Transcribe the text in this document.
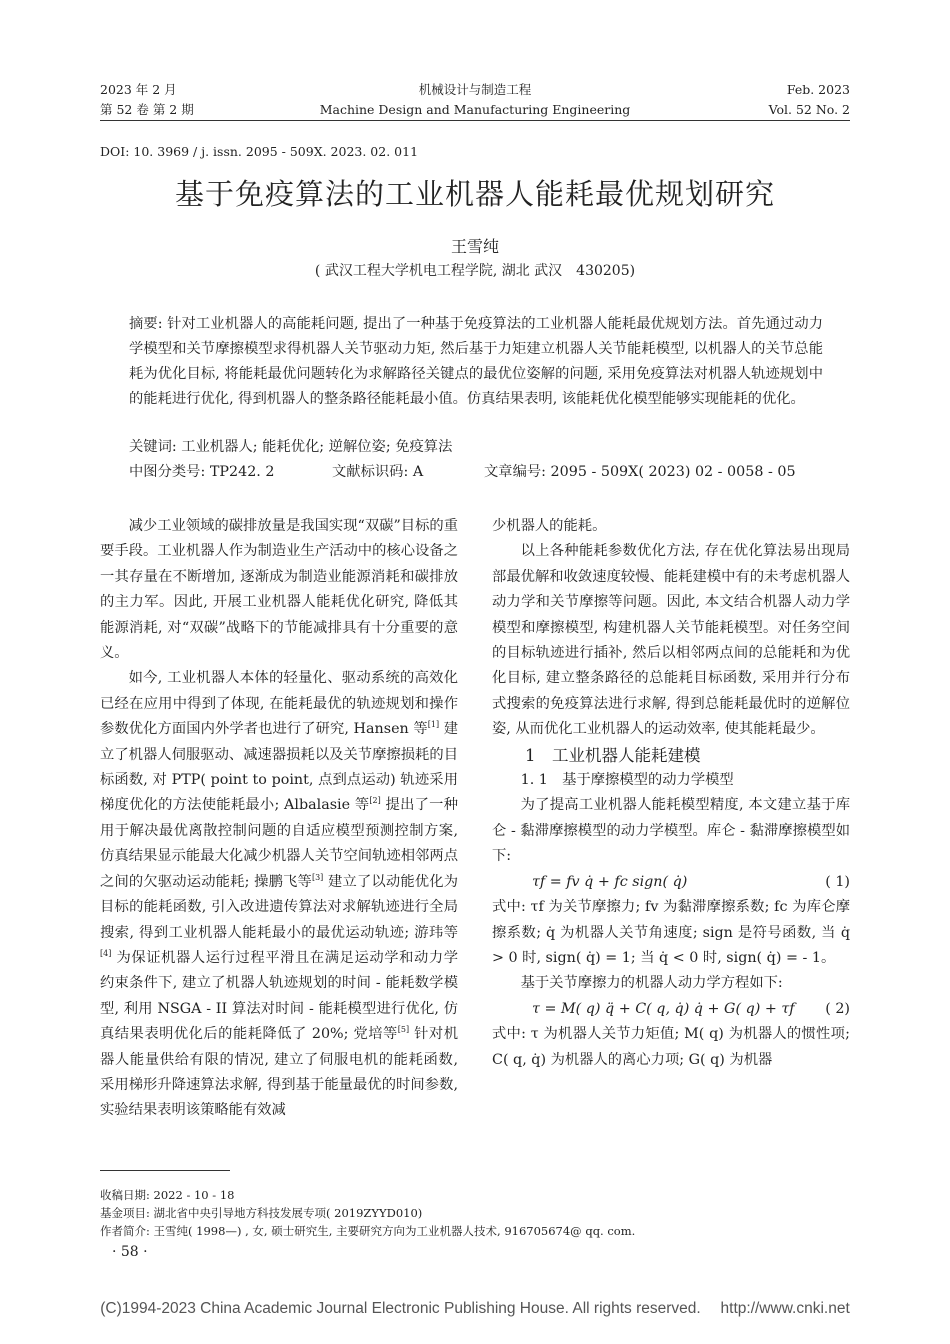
2023 年 2 月
第 52 卷 第 2 期
机械设计与制造工程
Machine Design and Manufacturing Engineering
Feb. 2023
Vol. 52 No. 2
DOI: 10. 3969 / j. issn. 2095 - 509X. 2023. 02. 011
基于免疫算法的工业机器人能耗最优规划研究
王雪纯
( 武汉工程大学机电工程学院, 湖北 武汉　430205)
摘要: 针对工业机器人的高能耗问题, 提出了一种基于免疫算法的工业机器人能耗最优规划方法。首先通过动力学模型和关节摩擦模型求得机器人关节驱动力矩, 然后基于力矩建立机器人关节能耗模型, 以机器人的关节总能耗为优化目标, 将能耗最优问题转化为求解路径关键点的最优位姿解的问题, 采用免疫算法对机器人轨迹规划中的能耗进行优化, 得到机器人的整条路径能耗最小值。仿真结果表明, 该能耗优化模型能够实现能耗的优化。
关键词: 工业机器人; 能耗优化; 逆解位姿; 免疫算法
中图分类号: TP242. 2	文献标识码: A	文章编号: 2095 - 509X( 2023) 02 - 0058 - 05

减少工业领域的碳排放量是我国实现“双碳”目标的重要手段。工业机器人作为制造业生产活动中的核心设备之一其存量在不断增加, 逐渐成为制造业能源消耗和碳排放的主力军。因此, 开展工业机器人能耗优化研究, 降低其能源消耗, 对“双碳”战略下的节能减排具有十分重要的意义。

如今, 工业机器人本体的轻量化、驱动系统的高效化已经在应用中得到了体现, 在能耗最优的轨迹规划和操作参数优化方面国内外学者也进行了研究, Hansen 等[1] 建立了机器人伺服驱动、减速器损耗以及关节摩擦损耗的目标函数, 对 PTP( point to point, 点到点运动) 轨迹采用梯度优化的方法使能耗最小; Albalasie 等[2] 提出了一种用于解决最优离散控制问题的自适应模型预测控制方案, 仿真结果显示能最大化减少机器人关节空间轨迹相邻两点之间的欠驱动运动能耗; 操鹏飞等[3] 建立了以动能优化为目标的能耗函数, 引入改进遗传算法对求解轨迹进行全局搜索, 得到工业机器人能耗最小的最优运动轨迹; 游玮等[4] 为保证机器人运行过程平滑且在满足运动学和动力学约束条件下, 建立了机器人轨迹规划的时间 - 能耗数学模型, 利用 NSGA - II 算法对时间 - 能耗模型进行优化, 仿真结果表明优化后的能耗降低了 20%; 党培等[5] 针对机器人能量供给有限的情况, 建立了伺服电机的能耗函数, 采用梯形升降速算法求解, 得到基于能量最优的时间参数, 实验结果表明该策略能有效减

少机器人的能耗。

以上各种能耗参数优化方法, 存在优化算法易出现局部最优解和收敛速度较慢、能耗建模中有的未考虑机器人动力学和关节摩擦等问题。因此, 本文结合机器人动力学模型和摩擦模型, 构建机器人关节能耗模型。对任务空间的目标轨迹进行插补, 然后以相邻两点间的总能耗和为优化目标, 建立整条路径的总能耗目标函数, 采用并行分布式搜索的免疫算法进行求解, 得到总能耗最优时的逆解位姿, 从而优化工业机器人的运动效率, 使其能耗最少。

1　工业机器人能耗建模

1. 1　基于摩擦模型的动力学模型

为了提高工业机器人能耗模型精度, 本文建立基于库仑 - 黏滞摩擦模型的动力学模型。库仑 - 黏滞摩擦模型如下:

τf = fv q̇ + fc sign( q̇)	( 1)

式中: τf 为关节摩擦力; fv 为黏滞摩擦系数; fc 为库仑摩擦系数; q̇ 为机器人关节角速度; sign 是符号函数, 当 q̇ > 0 时, sign( q̇) = 1; 当 q̇ < 0 时, sign( q̇) = - 1。

基于关节摩擦力的机器人动力学方程如下:

τ = M( q) q̈ + C( q, q̇) q̇ + G( q) + τf ( 2)

式中: τ 为机器人关节力矩值; M( q) 为机器人的惯性项; C( q, q̇) 为机器人的离心力项; G( q) 为机器

收稿日期: 2022 - 10 - 18
基金项目: 湖北省中央引导地方科技发展专项( 2019ZYYD010)
作者简介: 王雪纯( 1998—) , 女, 硕士研究生, 主要研究方向为工业机器人技术, 916705674@ qq. com.
· 58 ·
(C)1994-2023 China Academic Journal Electronic Publishing House. All rights reserved.　 http://www.cnki.net
